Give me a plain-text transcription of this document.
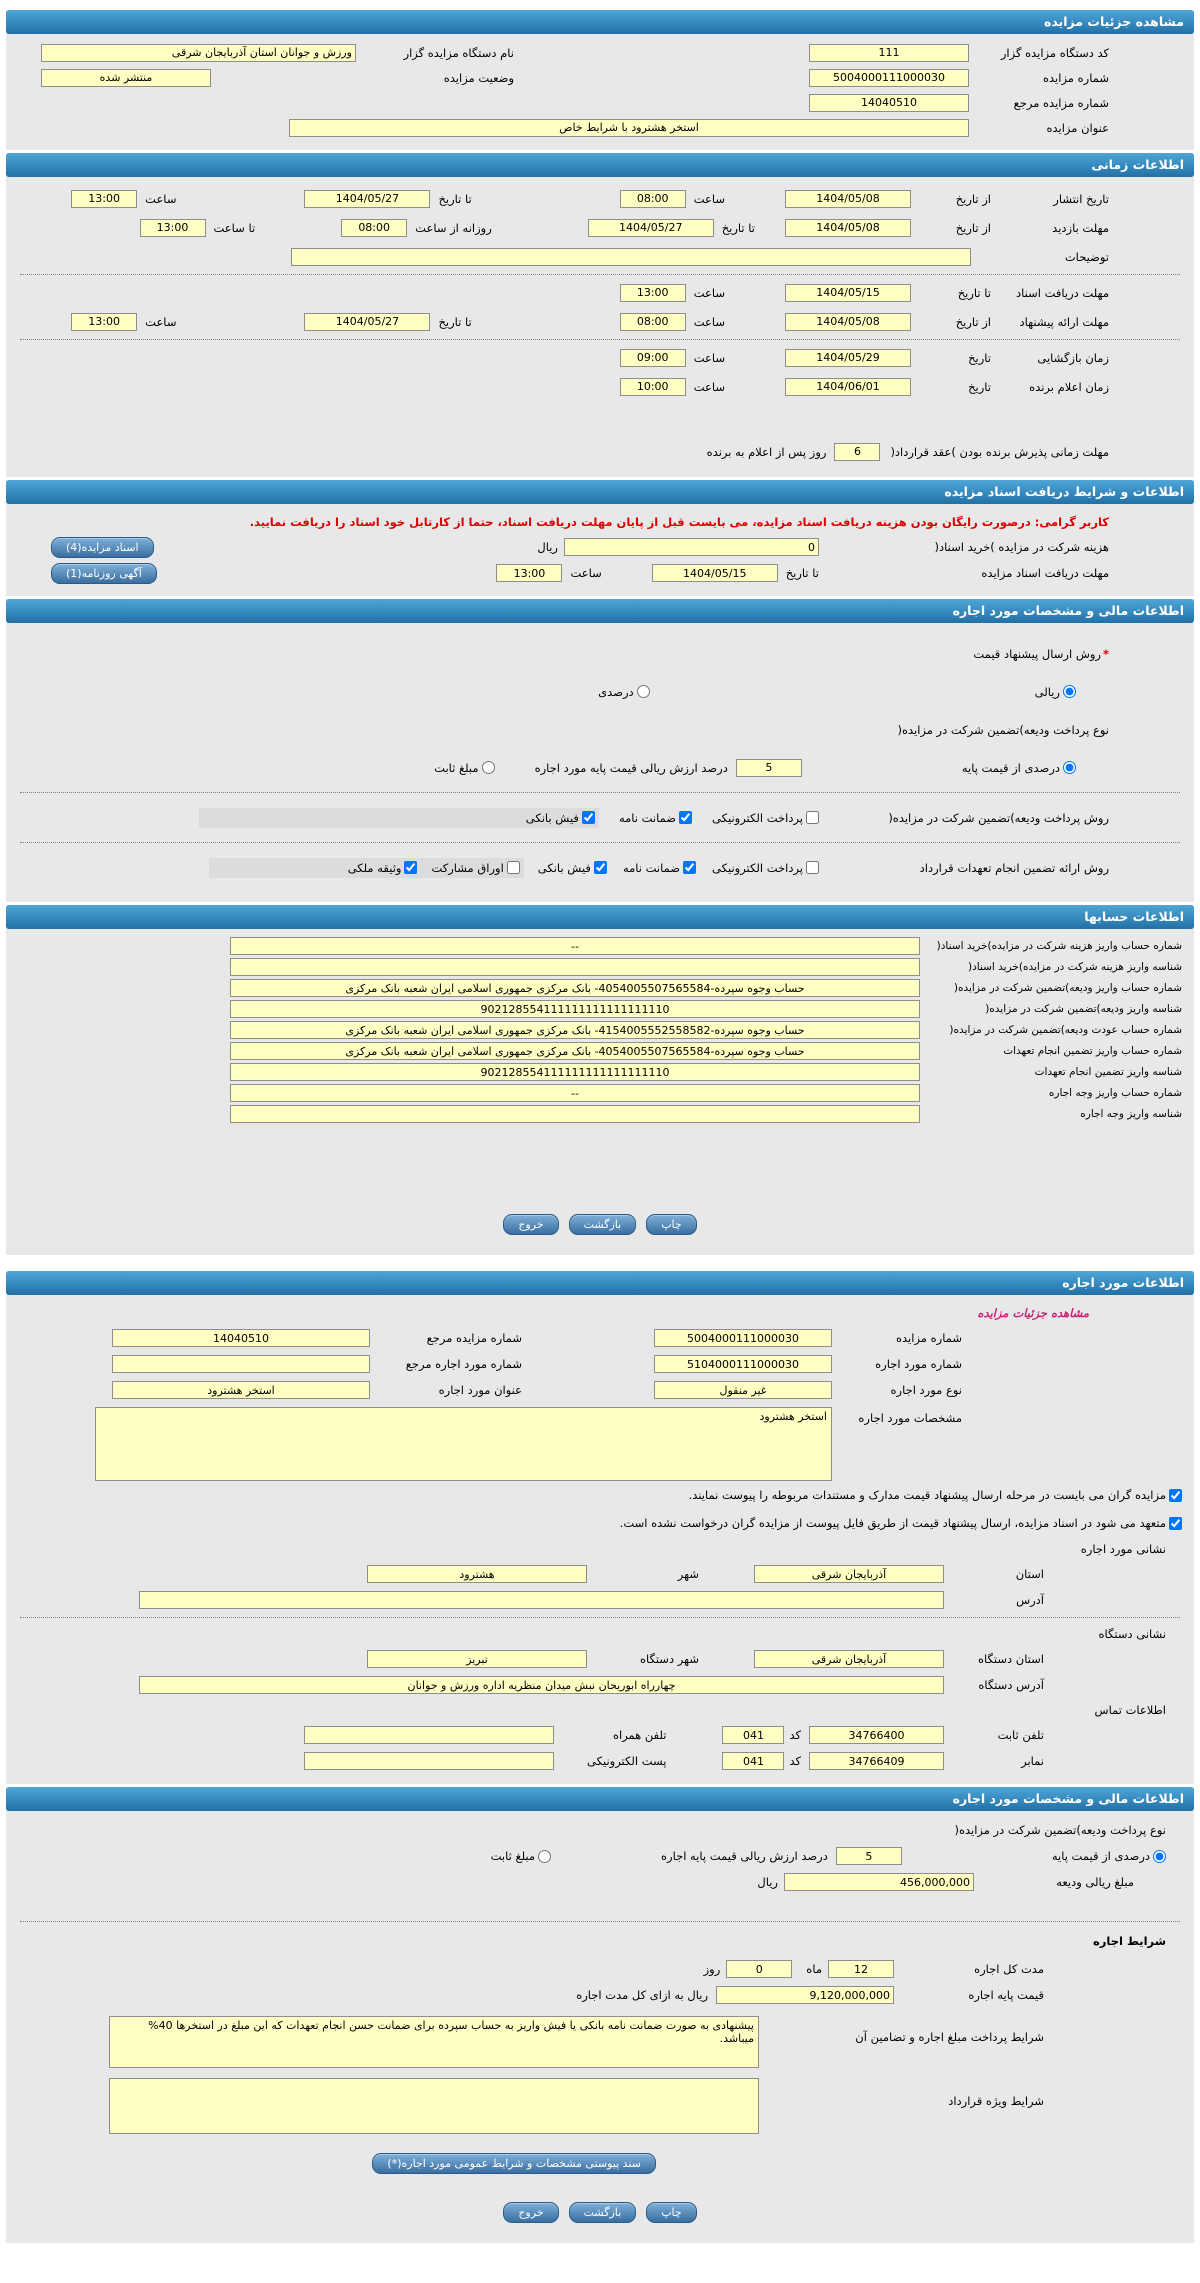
مشاهده جزئیات مزایده
کد دستگاه مزایده گزار
111
نام دستگاه مزایده گزار
ورزش و جوانان استان آذربایجان شرقی
شماره مزایده
5004000111000030
وضعیت مزایده
منتشر شده
شماره مزایده مرجع
14040510
عنوان مزایده
استخر هشترود با شرایط خاص
اطلاعات زمانی
تاریخ انتشار
از تاریخ
1404/05/08
ساعت
08:00
تا تاریخ
1404/05/27
ساعت
13:00
مهلت بازدید
از تاریخ
1404/05/08
تا تاریخ
1404/05/27
روزانه از ساعت
08:00
تا ساعت
13:00
توضیحات
مهلت دریافت اسناد
تا تاریخ
1404/05/15
ساعت
13:00
مهلت ارائه پیشنهاد
از تاریخ
1404/05/08
ساعت
08:00
تا تاریخ
1404/05/27
ساعت
13:00
زمان بازگشایی
تاریخ
1404/05/29
ساعت
09:00
زمان اعلام برنده
تاریخ
1404/06/01
ساعت
10:00
مهلت زمانی پذیرش برنده بودن )عقد قرارداد(
6
روز پس از اعلام به برنده
اطلاعات و شرایط دریافت اسناد مزایده
کاربر گرامی: درصورت رایگان بودن هزینه دریافت اسناد مزایده، می بایست قبل از پایان مهلت دریافت اسناد، حتما از کارتابل خود اسناد را دریافت نمایید.
هزینه شرکت در مزایده )خرید اسناد(
0
ریال
اسناد مزایده(4)
مهلت دریافت اسناد مزایده
تا تاریخ
1404/05/15
ساعت
13:00
آگهی روزنامه(1)
اطلاعات مالی و مشخصات مورد اجاره
*
روش ارسال پیشنهاد قیمت
ریالی
درصدی
نوع پرداخت ودیعه)تضمین شرکت در مزایده(
درصدی از قیمت پایه
5
درصد ارزش ریالی قیمت پایه مورد اجاره
مبلغ ثابت
روش پرداخت ودیعه)تضمین شرکت در مزایده(
پرداخت الکترونیکی
ضمانت نامه
فیش بانکی
روش ارائه تضمین انجام تعهدات قرارداد
پرداخت الکترونیکی
ضمانت نامه
فیش بانکی
اوراق مشارکت
وثیقه ملکی
اطلاعات حسابها
شماره حساب واریز هزینه شرکت در مزایده)خرید اسناد(
--
شناسه واریز هزینه شرکت در مزایده)خرید اسناد(
شماره حساب واریز ودیعه)تضمین شرکت در مزایده(
حساب وجوه سپرده-4054005507565584- بانک مرکزی جمهوری اسلامی ایران شعبه بانک مرکزی
شناسه واریز ودیعه)تضمین شرکت در مزایده(
902128554111111111111111110
شماره حساب عودت ودیعه)تضمین شرکت در مزایده(
حساب وجوه سپرده-4154005552558582- بانک مرکزی جمهوری اسلامی ایران شعبه بانک مرکزی
شماره حساب واریز تضمین انجام تعهدات
حساب وجوه سپرده-4054005507565584- بانک مرکزی جمهوری اسلامی ایران شعبه بانک مرکزی
شناسه واریز تضمین انجام تعهدات
902128554111111111111111110
شماره حساب واریز وجه اجاره
--
شناسه واریز وجه اجاره
چاپ
بازگشت
خروج
اطلاعات مورد اجاره
مشاهده جزئیات مزایده
شماره مزایده
5004000111000030
شماره مزایده مرجع
14040510
شماره مورد اجاره
5104000111000030
شماره مورد اجاره مرجع
نوع مورد اجاره
غیر منقول
عنوان مورد اجاره
استخر هشترود
مشخصات مورد اجاره
استخر هشترود
مزایده گران می بایست در مرحله ارسال پیشنهاد قیمت مدارک و مستندات مربوطه را پیوست نمایند.
متعهد می شود در اسناد مزایده، ارسال پیشنهاد قیمت از طریق فایل پیوست از مزایده گران درخواست نشده است.
نشانی مورد اجاره
استان
آذربایجان شرقی
شهر
هشترود
آدرس
نشانی دستگاه
استان دستگاه
آذربایجان شرقی
شهر دستگاه
تبریز
آدرس دستگاه
چهارراه ابوریحان نبش میدان منظریه اداره ورزش و جوانان
اطلاعات تماس
تلفن ثابت
34766400
کد
041
تلفن همراه
نمابر
34766409
کد
041
پست الکترونیکی
اطلاعات مالی و مشخصات مورد اجاره
نوع پرداخت ودیعه)تضمین شرکت در مزایده(
درصدی از قیمت پایه
5
درصد ارزش ریالی قیمت پایه اجاره
مبلغ ثابت
مبلغ ریالی ودیعه
456,000,000
ریال
شرایط اجاره
مدت کل اجاره
12
ماه
0
روز
قیمت پایه اجاره
9,120,000,000
ریال به ازای کل مدت اجاره
شرایط پرداخت مبلغ اجاره و تضامین آن
پیشنهادی به صورت ضمانت نامه بانکی یا فیش واریز به حساب سپرده برای ضمانت حسن انجام تعهدات که این مبلغ در استخرها 40% میباشد.
شرایط ویژه قرارداد
سند پیوستی مشخصات و شرایط عمومی مورد اجاره(*)
چاپ
بازگشت
خروج
